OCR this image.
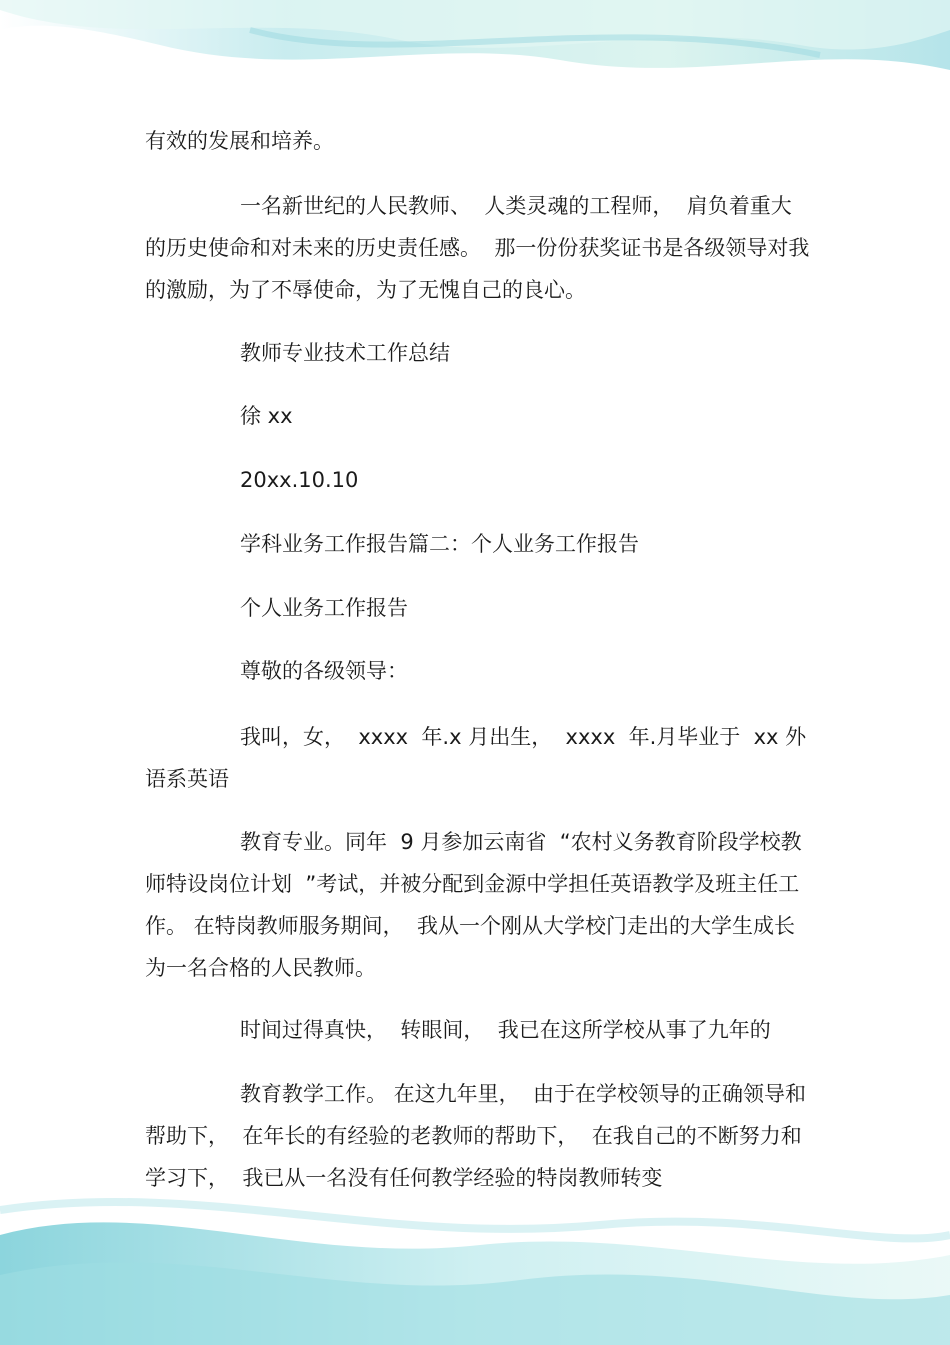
有效的发展和培养。

一名新世纪的人民教师、  人类灵魂的工程师，  肩负着重大的历史使命和对未来的历史责任感。  那一份份获奖证书是各级领导对我的激励，为了不辱使命，为了无愧自己的良心。

教师专业技术工作总结

徐 xx

20xx.10.10

学科业务工作报告篇二：个人业务工作报告

个人业务工作报告

尊敬的各级领导：

我叫，女，  xxxx  年.x 月出生，  xxxx  年.月毕业于  xx 外语系英语

教育专业。同年  9 月参加云南省  “农村义务教育阶段学校教师特设岗位计划  ”考试，并被分配到金源中学担任英语教学及班主任工作。 在特岗教师服务期间，  我从一个刚从大学校门走出的大学生成长为一名合格的人民教师。

时间过得真快，  转眼间，  我已在这所学校从事了九年的

教育教学工作。 在这九年里，  由于在学校领导的正确领导和帮助下，  在年长的有经验的老教师的帮助下，  在我自己的不断努力和学习下，  我已从一名没有任何教学经验的特岗教师转变
